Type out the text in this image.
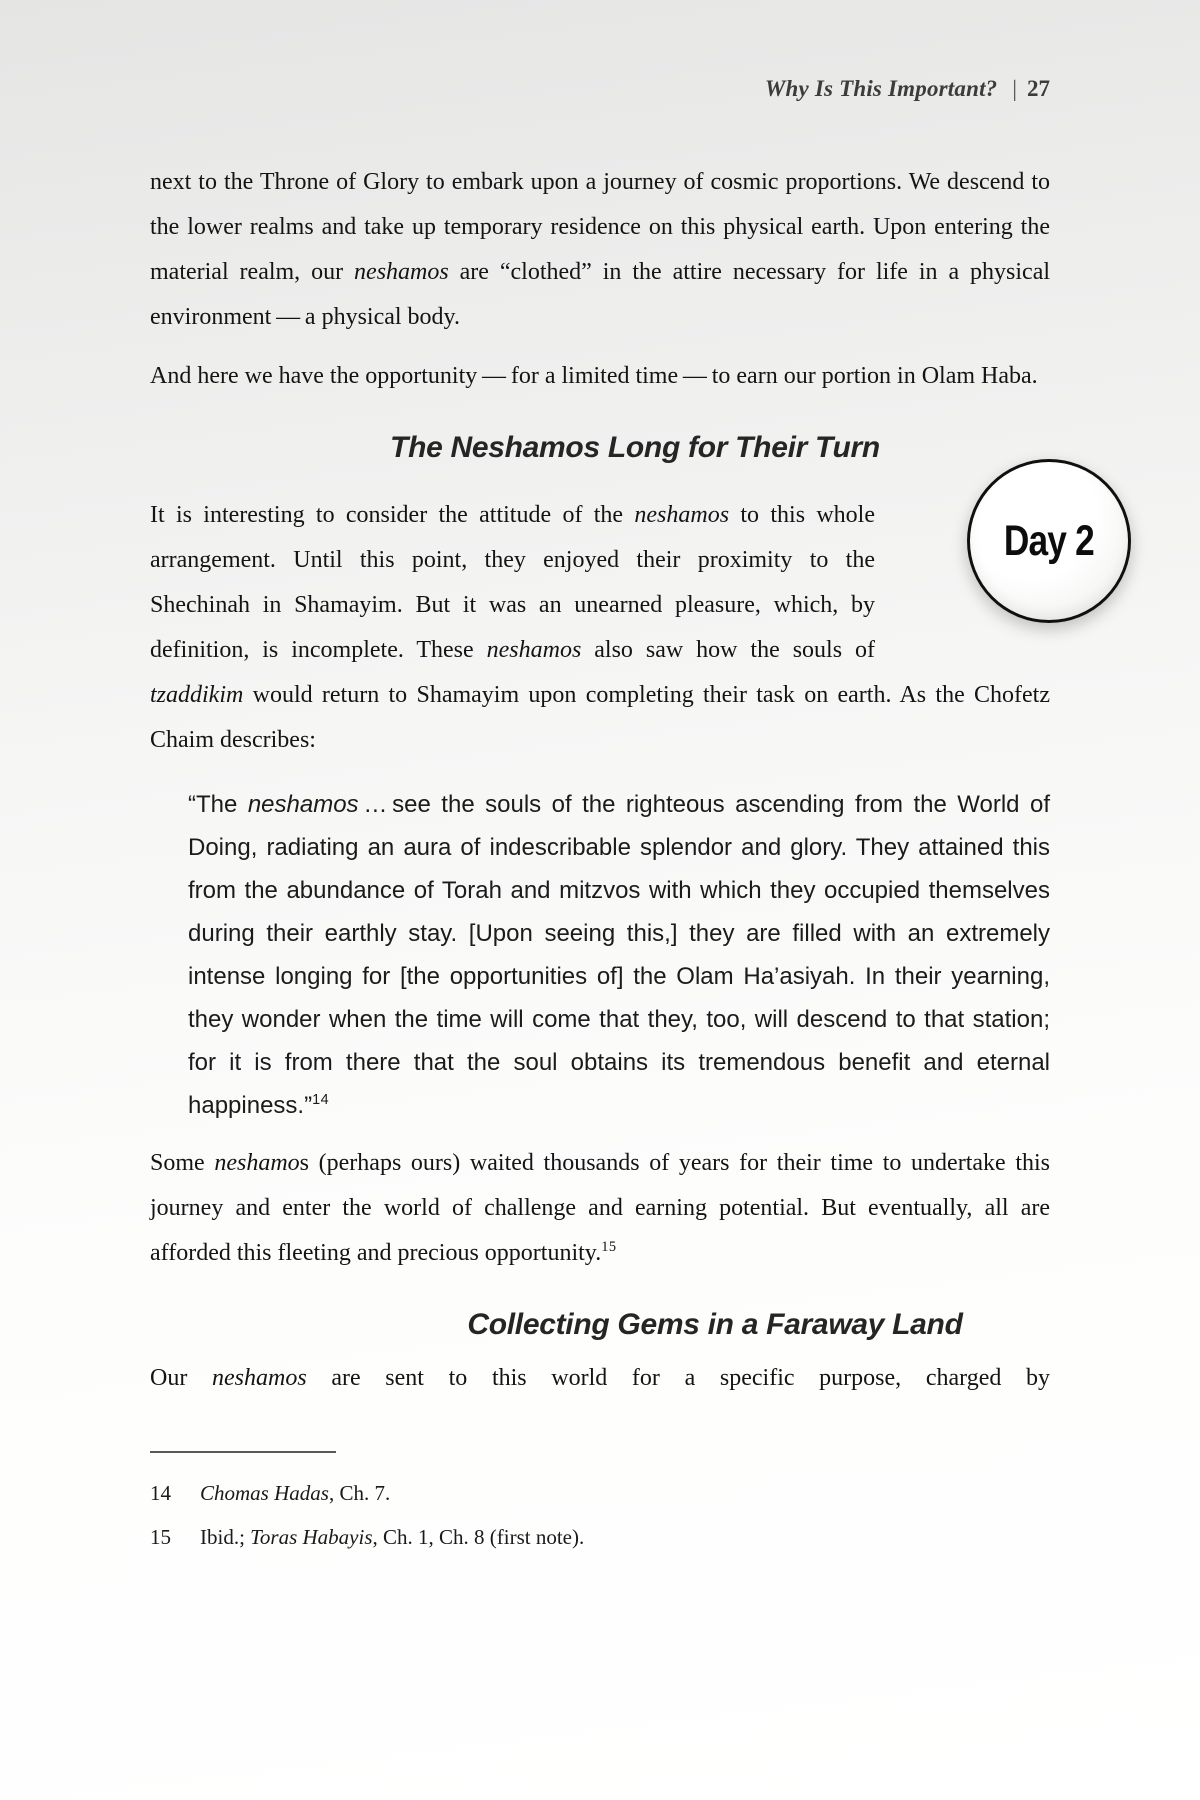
Why Is This Important? | 27
Day 2

next to the Throne of Glory to embark upon a journey of cosmic proportions. We descend to the lower realms and take up temporary residence on this physical earth. Upon entering the material realm, our neshamos are “clothed” in the attire necessary for life in a physical environment — a physical body.

And here we have the opportunity — for a limited time — to earn our portion in Olam Haba.

The Neshamos Long for Their Turn

It is interesting to consider the attitude of the neshamos to this whole arrangement. Until this point, they enjoyed their proximity to the Shechinah in Shamayim. But it was an unearned pleasure, which, by definition, is incomplete. These neshamos also saw how the souls of tzaddikim would return to Shamayim upon completing their task on earth. As the Chofetz Chaim describes:

“The neshamos … see the souls of the righteous ascending from the World of Doing, radiating an aura of indescribable splendor and glory. They attained this from the abundance of Torah and mitzvos with which they occupied themselves during their earthly stay. [Upon seeing this,] they are filled with an extremely intense longing for [the opportunities of] the Olam Ha’asiyah. In their yearning, they wonder when the time will come that they, too, will descend to that station; for it is from there that the soul obtains its tremendous benefit and eternal happiness.”$^{14}$

Some neshamos (perhaps ours) waited thousands of years for their time to undertake this journey and enter the world of challenge and earning potential. But eventually, all are afforded this fleeting and precious opportunity.$^{15}$

Collecting Gems in a Faraway Land

Our neshamos are sent to this world for a specific purpose, charged by

14	Chomas Hadas, Ch. 7.
15	Ibid.; Toras Habayis, Ch. 1, Ch. 8 (first note).
